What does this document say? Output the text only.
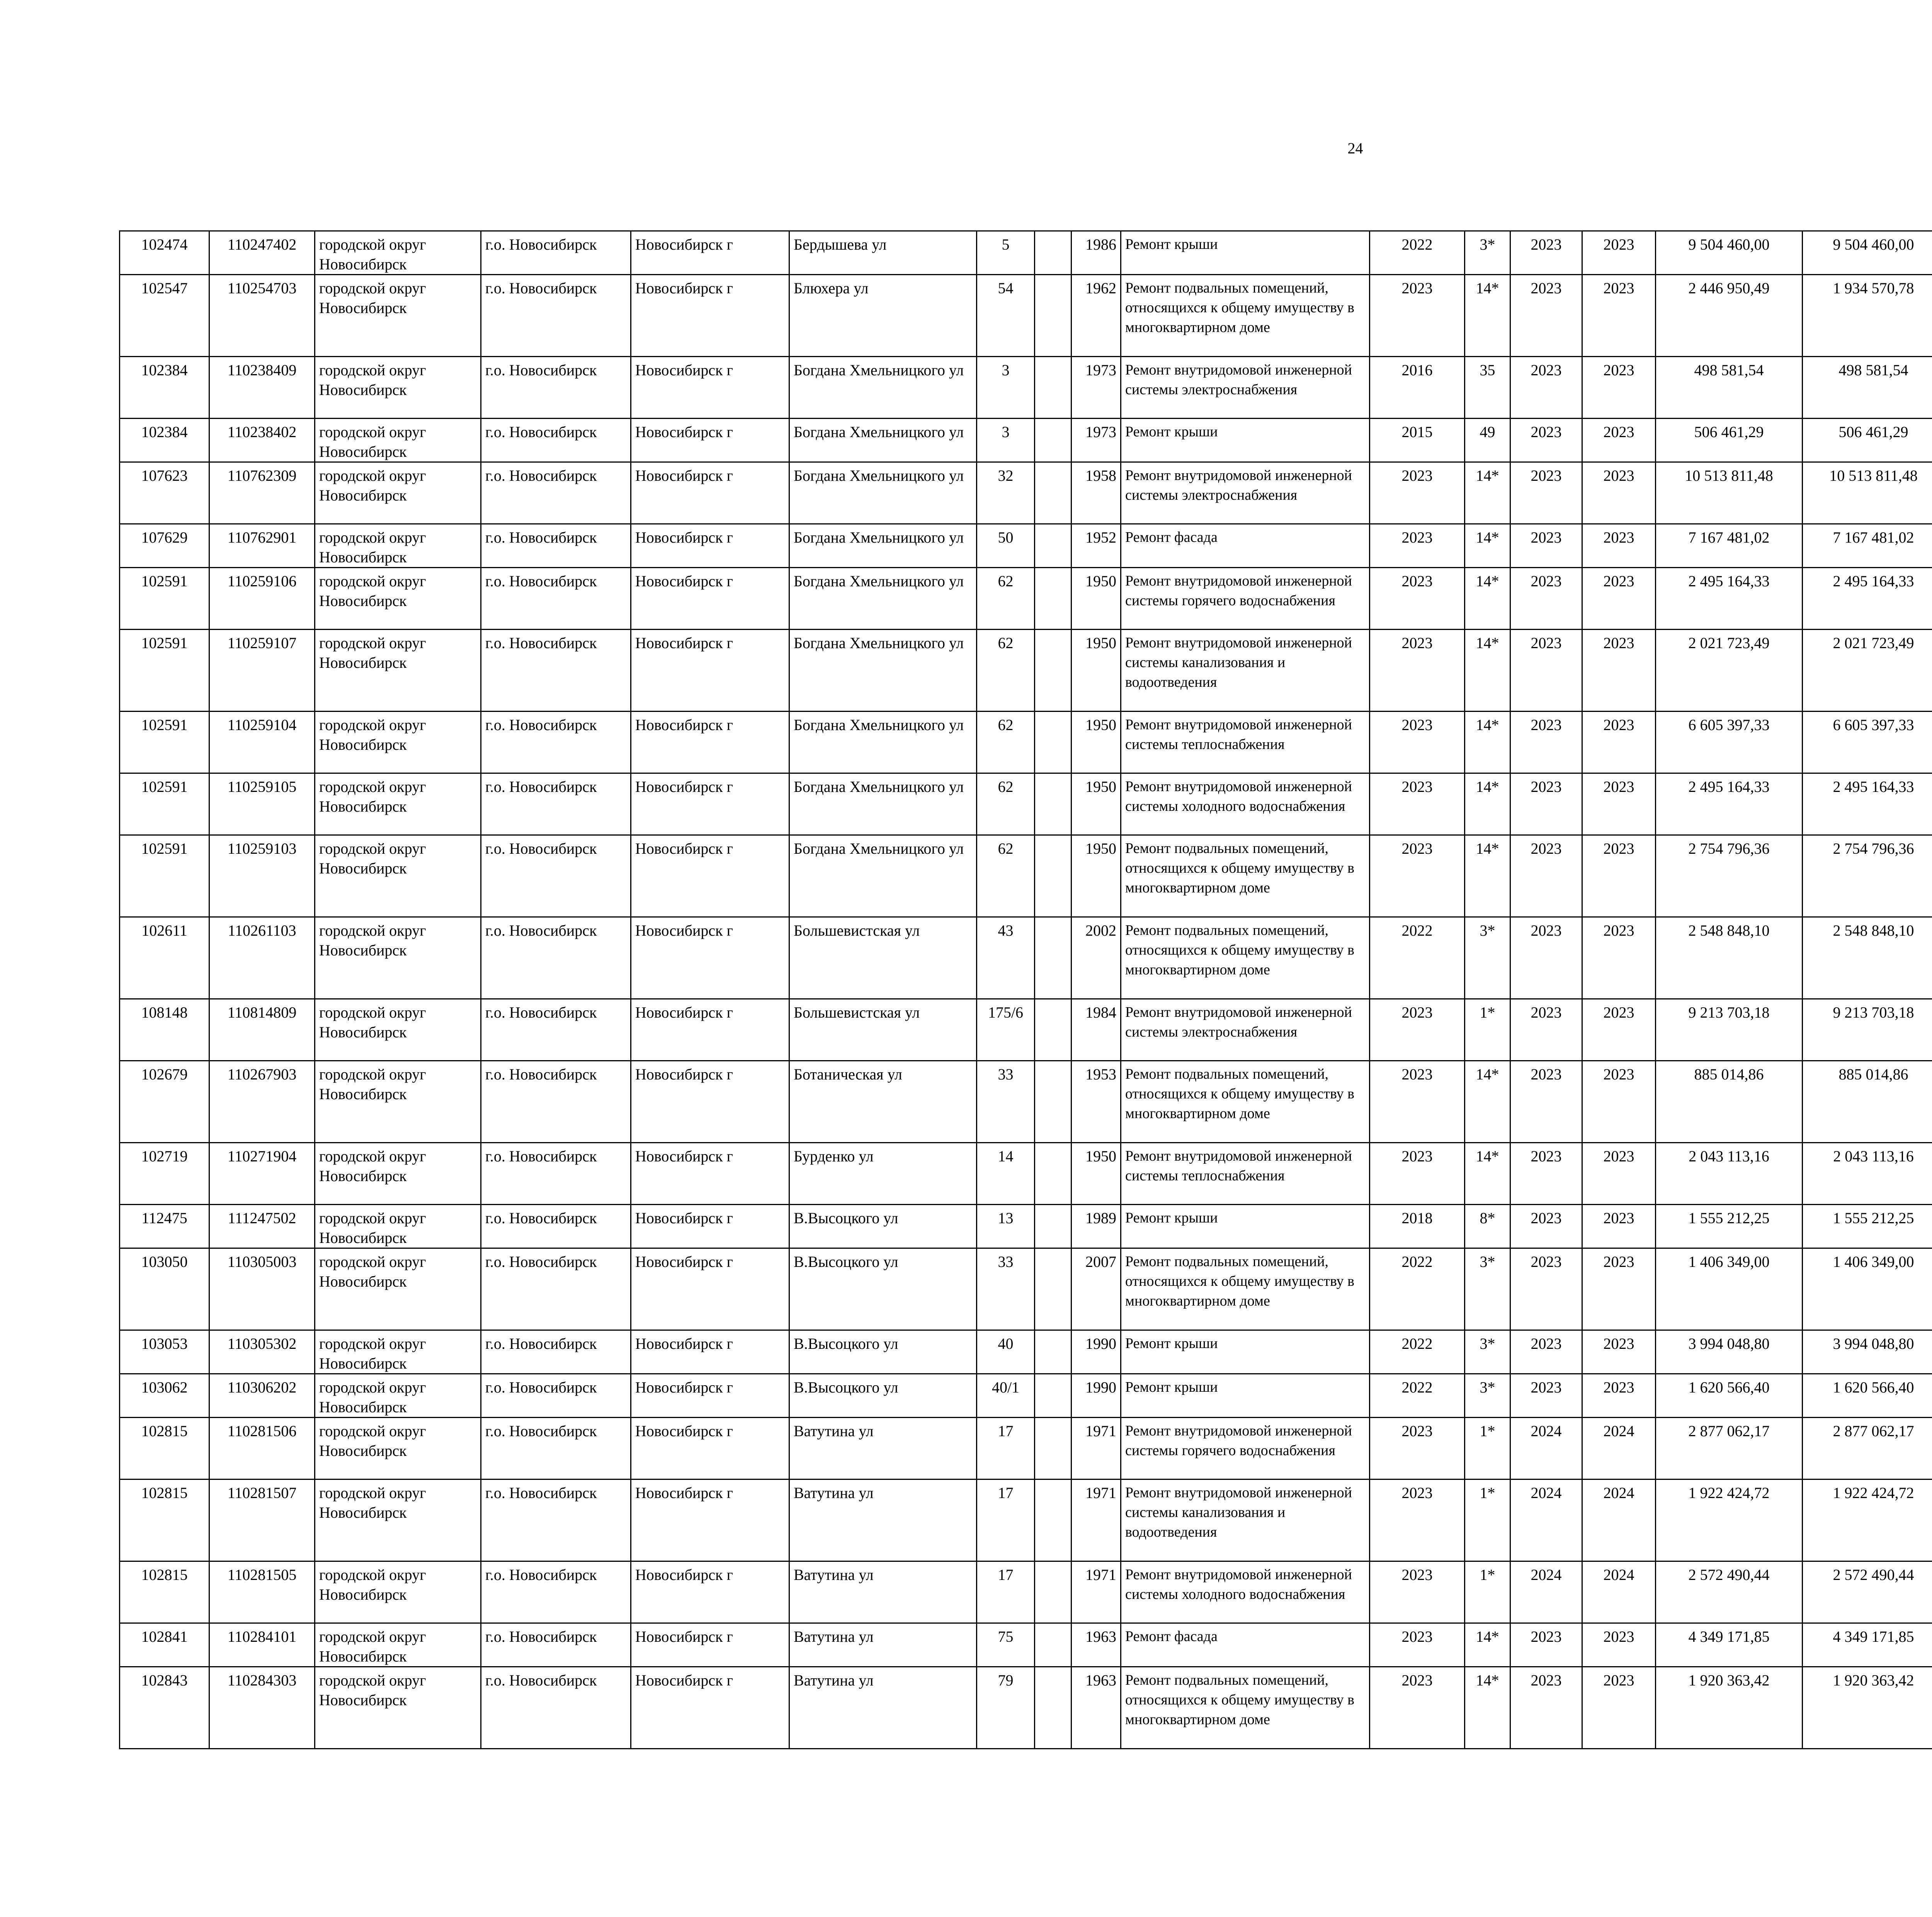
24
102474	110247402	городской округ Новосибирск	г.о. Новосибирск	Новосибирск г	Бердышева ул	5		1986	Ремонт крыши	2022	3*	2023	2023	9 504 460,00	9 504 460,00						
102547	110254703	городской округ Новосибирск	г.о. Новосибирск	Новосибирск г	Блюхера ул	54		1962	Ремонт подвальных помещений, относящихся к общему имуществу в многоквартирном доме	2023	14*	2023	2023	2 446 950,49	1 934 570,78						
102384	110238409	городской округ Новосибирск	г.о. Новосибирск	Новосибирск г	Богдана Хмельницкого ул	3		1973	Ремонт внутридомовой инженерной системы электроснабжения	2016	35	2023	2023	498 581,54	498 581,54						
102384	110238402	городской округ Новосибирск	г.о. Новосибирск	Новосибирск г	Богдана Хмельницкого ул	3		1973	Ремонт крыши	2015	49	2023	2023	506 461,29	506 461,29						
107623	110762309	городской округ Новосибирск	г.о. Новосибирск	Новосибирск г	Богдана Хмельницкого ул	32		1958	Ремонт внутридомовой инженерной системы электроснабжения	2023	14*	2023	2023	10 513 811,48	10 513 811,48						
107629	110762901	городской округ Новосибирск	г.о. Новосибирск	Новосибирск г	Богдана Хмельницкого ул	50		1952	Ремонт фасада	2023	14*	2023	2023	7 167 481,02	7 167 481,02						
102591	110259106	городской округ Новосибирск	г.о. Новосибирск	Новосибирск г	Богдана Хмельницкого ул	62		1950	Ремонт внутридомовой инженерной системы горячего водоснабжения	2023	14*	2023	2023	2 495 164,33	2 495 164,33						
102591	110259107	городской округ Новосибирск	г.о. Новосибирск	Новосибирск г	Богдана Хмельницкого ул	62		1950	Ремонт внутридомовой инженерной системы канализования и водоотведения	2023	14*	2023	2023	2 021 723,49	2 021 723,49						
102591	110259104	городской округ Новосибирск	г.о. Новосибирск	Новосибирск г	Богдана Хмельницкого ул	62		1950	Ремонт внутридомовой инженерной системы теплоснабжения	2023	14*	2023	2023	6 605 397,33	6 605 397,33						
102591	110259105	городской округ Новосибирск	г.о. Новосибирск	Новосибирск г	Богдана Хмельницкого ул	62		1950	Ремонт внутридомовой инженерной системы холодного водоснабжения	2023	14*	2023	2023	2 495 164,33	2 495 164,33						
102591	110259103	городской округ Новосибирск	г.о. Новосибирск	Новосибирск г	Богдана Хмельницкого ул	62		1950	Ремонт подвальных помещений, относящихся к общему имуществу в многоквартирном доме	2023	14*	2023	2023	2 754 796,36	2 754 796,36						
102611	110261103	городской округ Новосибирск	г.о. Новосибирск	Новосибирск г	Большевистская ул	43		2002	Ремонт подвальных помещений, относящихся к общему имуществу в многоквартирном доме	2022	3*	2023	2023	2 548 848,10	2 548 848,10						
108148	110814809	городской округ Новосибирск	г.о. Новосибирск	Новосибирск г	Большевистская ул	175/6		1984	Ремонт внутридомовой инженерной системы электроснабжения	2023	1*	2023	2023	9 213 703,18	9 213 703,18						
102679	110267903	городской округ Новосибирск	г.о. Новосибирск	Новосибирск г	Ботаническая ул	33		1953	Ремонт подвальных помещений, относящихся к общему имуществу в многоквартирном доме	2023	14*	2023	2023	885 014,86	885 014,86						
102719	110271904	городской округ Новосибирск	г.о. Новосибирск	Новосибирск г	Бурденко ул	14		1950	Ремонт внутридомовой инженерной системы теплоснабжения	2023	14*	2023	2023	2 043 113,16	2 043 113,16						
112475	111247502	городской округ Новосибирск	г.о. Новосибирск	Новосибирск г	В.Высоцкого ул	13		1989	Ремонт крыши	2018	8*	2023	2023	1 555 212,25	1 555 212,25						
103050	110305003	городской округ Новосибирск	г.о. Новосибирск	Новосибирск г	В.Высоцкого ул	33		2007	Ремонт подвальных помещений, относящихся к общему имуществу в многоквартирном доме	2022	3*	2023	2023	1 406 349,00	1 406 349,00						
103053	110305302	городской округ Новосибирск	г.о. Новосибирск	Новосибирск г	В.Высоцкого ул	40		1990	Ремонт крыши	2022	3*	2023	2023	3 994 048,80	3 994 048,80						
103062	110306202	городской округ Новосибирск	г.о. Новосибирск	Новосибирск г	В.Высоцкого ул	40/1		1990	Ремонт крыши	2022	3*	2023	2023	1 620 566,40	1 620 566,40						
102815	110281506	городской округ Новосибирск	г.о. Новосибирск	Новосибирск г	Ватутина ул	17		1971	Ремонт внутридомовой инженерной системы горячего водоснабжения	2023	1*	2024	2024	2 877 062,17	2 877 062,17						
102815	110281507	городской округ Новосибирск	г.о. Новосибирск	Новосибирск г	Ватутина ул	17		1971	Ремонт внутридомовой инженерной системы канализования и водоотведения	2023	1*	2024	2024	1 922 424,72	1 922 424,72						
102815	110281505	городской округ Новосибирск	г.о. Новосибирск	Новосибирск г	Ватутина ул	17		1971	Ремонт внутридомовой инженерной системы холодного водоснабжения	2023	1*	2024	2024	2 572 490,44	2 572 490,44						
102841	110284101	городской округ Новосибирск	г.о. Новосибирск	Новосибирск г	Ватутина ул	75		1963	Ремонт фасада	2023	14*	2023	2023	4 349 171,85	4 349 171,85						
102843	110284303	городской округ Новосибирск	г.о. Новосибирск	Новосибирск г	Ватутина ул	79		1963	Ремонт подвальных помещений, относящихся к общему имуществу в многоквартирном доме	2023	14*	2023	2023	1 920 363,42	1 920 363,42						
